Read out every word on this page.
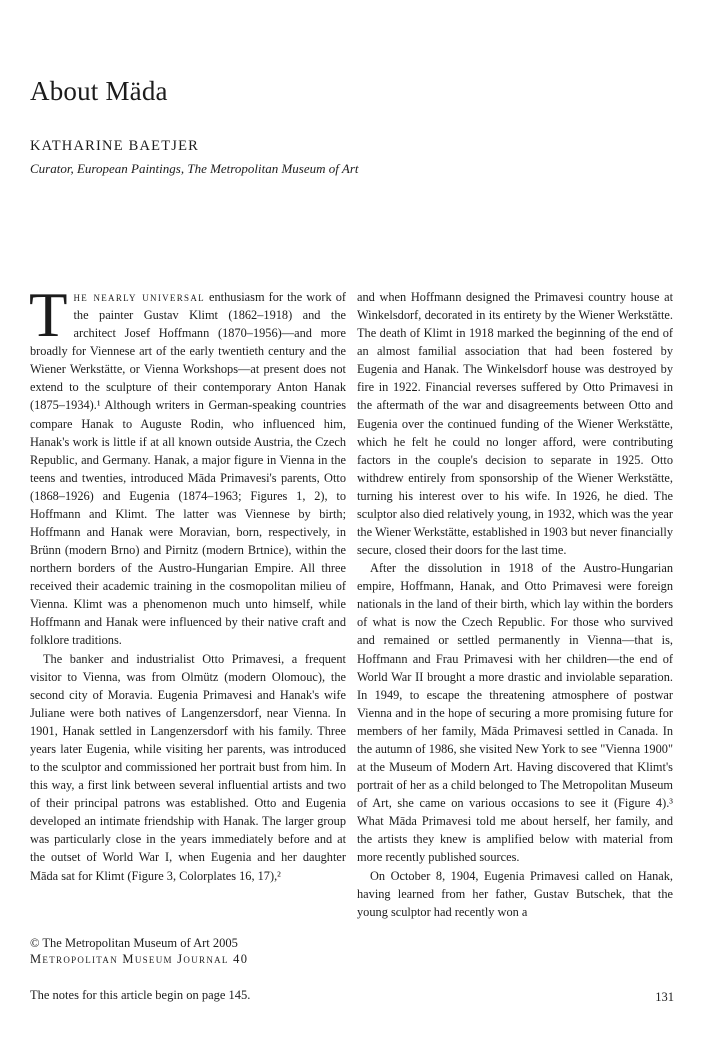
About Mäda
KATHARINE BAETJER
Curator, European Paintings, The Metropolitan Museum of Art

The nearly universal enthusiasm for the work of the painter Gustav Klimt (1862–1918) and the architect Josef Hoffmann (1870–1956)—and more broadly for Viennese art of the early twentieth century and the Wiener Werkstätte, or Vienna Workshops—at present does not extend to the sculpture of their contemporary Anton Hanak (1875–1934).¹ Although writers in German-speaking countries compare Hanak to Auguste Rodin, who influenced him, Hanak's work is little if at all known outside Austria, the Czech Republic, and Germany. Hanak, a major figure in Vienna in the teens and twenties, introduced Māda Primavesi's parents, Otto (1868–1926) and Eugenia (1874–1963; Figures 1, 2), to Hoffmann and Klimt. The latter was Viennese by birth; Hoffmann and Hanak were Moravian, born, respectively, in Brünn (modern Brno) and Pirnitz (modern Brtnice), within the northern borders of the Austro-Hungarian Empire. All three received their academic training in the cosmopolitan milieu of Vienna. Klimt was a phenomenon much unto himself, while Hoffmann and Hanak were influenced by their native craft and folklore traditions.

The banker and industrialist Otto Primavesi, a frequent visitor to Vienna, was from Olmütz (modern Olomouc), the second city of Moravia. Eugenia Primavesi and Hanak's wife Juliane were both natives of Langenzersdorf, near Vienna. In 1901, Hanak settled in Langenzersdorf with his family. Three years later Eugenia, while visiting her parents, was introduced to the sculptor and commissioned her portrait bust from him. In this way, a first link between several influential artists and two of their principal patrons was established. Otto and Eugenia developed an intimate friendship with Hanak. The larger group was particularly close in the years immediately before and at the outset of World War I, when Eugenia and her daughter Māda sat for Klimt (Figure 3, Colorplates 16, 17),²

and when Hoffmann designed the Primavesi country house at Winkelsdorf, decorated in its entirety by the Wiener Werkstätte. The death of Klimt in 1918 marked the beginning of the end of an almost familial association that had been fostered by Eugenia and Hanak. The Winkelsdorf house was destroyed by fire in 1922. Financial reverses suffered by Otto Primavesi in the aftermath of the war and disagreements between Otto and Eugenia over the continued funding of the Wiener Werkstätte, which he felt he could no longer afford, were contributing factors in the couple's decision to separate in 1925. Otto withdrew entirely from sponsorship of the Wiener Werkstätte, turning his interest over to his wife. In 1926, he died. The sculptor also died relatively young, in 1932, which was the year the Wiener Werkstätte, established in 1903 but never financially secure, closed their doors for the last time.

After the dissolution in 1918 of the Austro-Hungarian empire, Hoffmann, Hanak, and Otto Primavesi were foreign nationals in the land of their birth, which lay within the borders of what is now the Czech Republic. For those who survived and remained or settled permanently in Vienna—that is, Hoffmann and Frau Primavesi with her children—the end of World War II brought a more drastic and inviolable separation. In 1949, to escape the threatening atmosphere of postwar Vienna and in the hope of securing a more promising future for members of her family, Māda Primavesi settled in Canada. In the autumn of 1986, she visited New York to see "Vienna 1900" at the Museum of Modern Art. Having discovered that Klimt's portrait of her as a child belonged to The Metropolitan Museum of Art, she came on various occasions to see it (Figure 4).³ What Māda Primavesi told me about herself, her family, and the artists they knew is amplified below with material from more recently published sources.

On October 8, 1904, Eugenia Primavesi called on Hanak, having learned from her father, Gustav Butschek, that the young sculptor had recently won a

© The Metropolitan Museum of Art 2005
Metropolitan Museum Journal 40
The notes for this article begin on page 145.	131
